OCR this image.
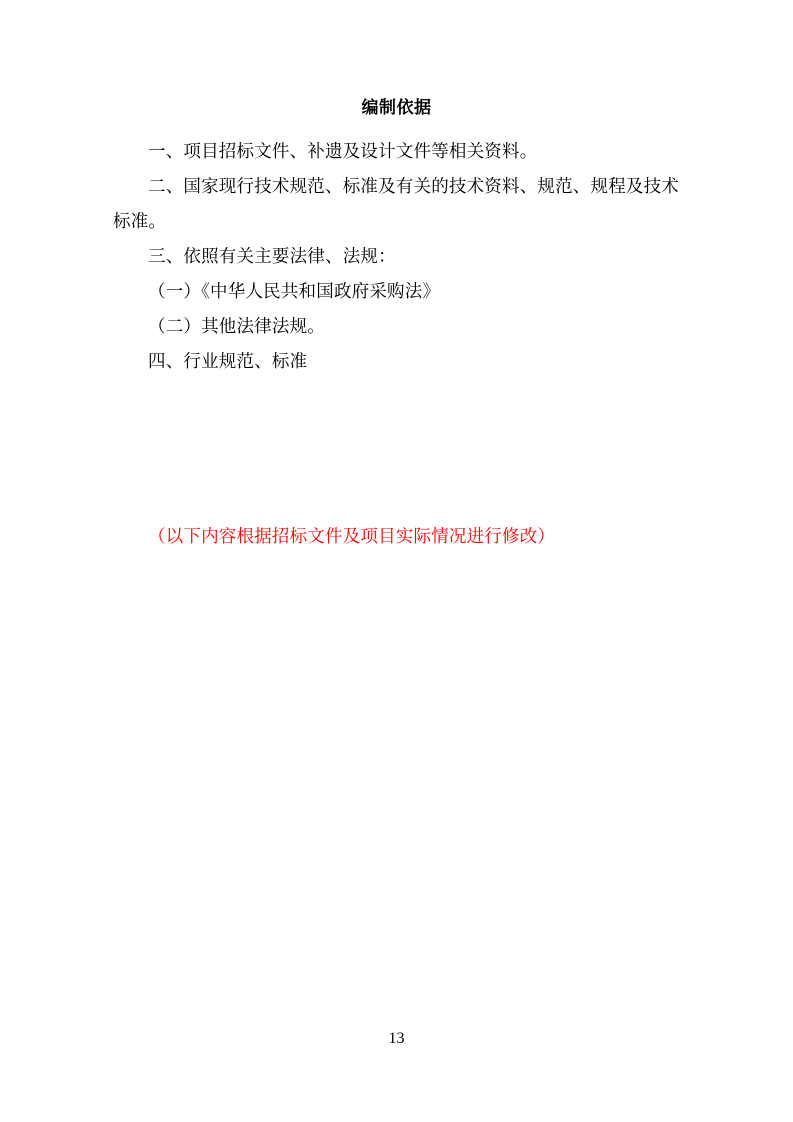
编制依据

一、项目招标文件、补遗及设计文件等相关资料。

二、国家现行技术规范、标准及有关的技术资料、规范、规程及技术标准。

三、依照有关主要法律、法规：

（一）《中华人民共和国政府采购法》

（二）其他法律法规。

四、行业规范、标准

（以下内容根据招标文件及项目实际情况进行修改）

13
